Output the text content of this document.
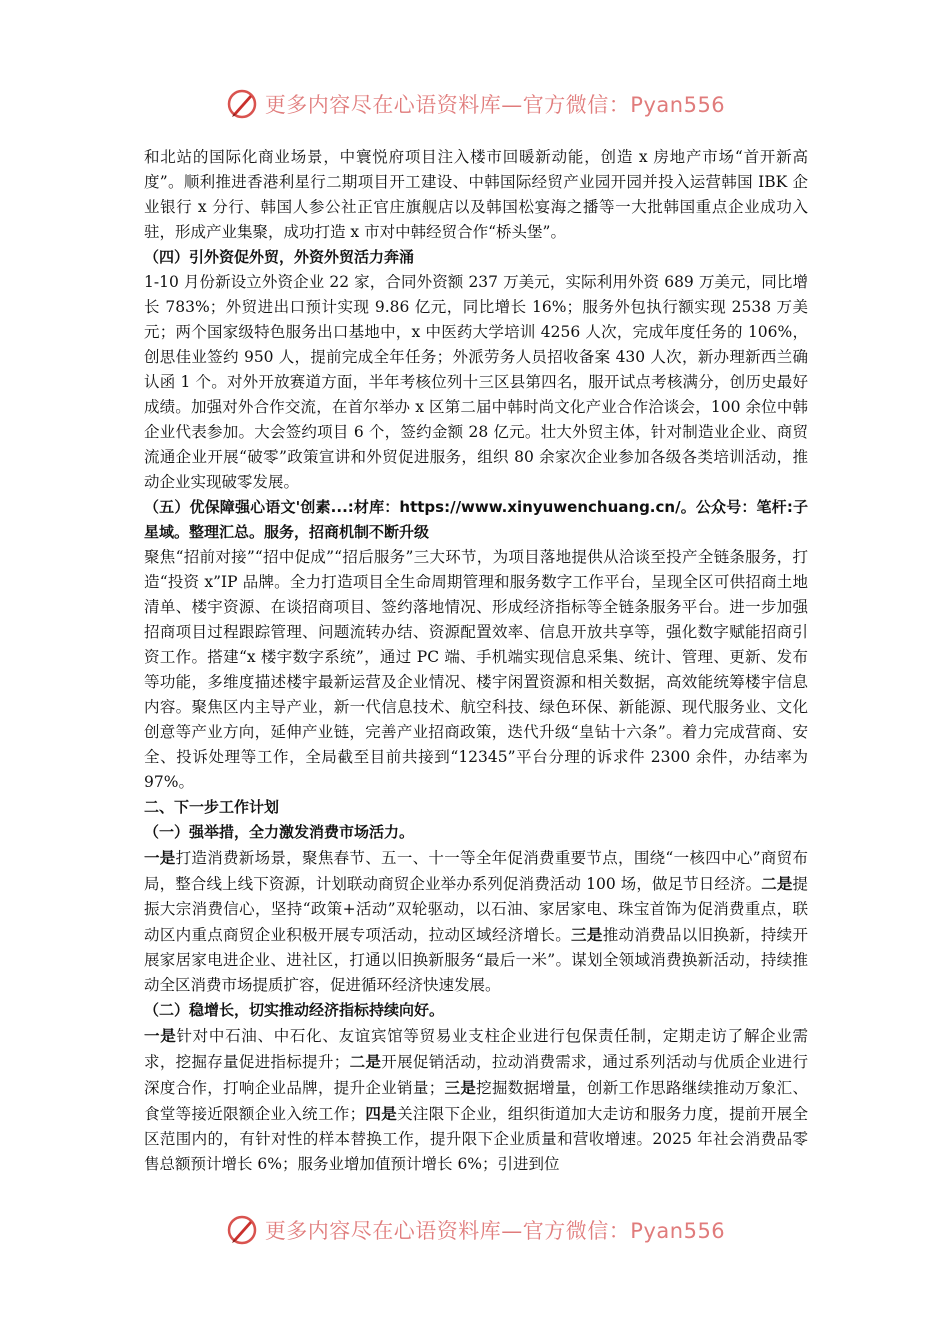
更多内容尽在心语资料库—官方微信：Pyan556

和北站的国际化商业场景，中寰悦府项目注入楼市回暖新动能，创造 x 房地产市场“首开新高度”。顺利推进香港利星行二期项目开工建设、中韩国际经贸产业园开园并投入运营韩国 IBK 企业银行 x 分行、韩国人参公社正官庄旗舰店以及韩国松宴海之播等一大批韩国重点企业成功入驻，形成产业集聚，成功打造 x 市对中韩经贸合作“桥头堡”。

（四）引外资促外贸，外资外贸活力奔涌

1-10 月份新设立外资企业 22 家，合同外资额 237 万美元，实际利用外资 689 万美元，同比增长 783%；外贸进出口预计实现 9.86 亿元，同比增长 16%；服务外包执行额实现 2538 万美元；两个国家级特色服务出口基地中，x 中医药大学培训 4256 人次，完成年度任务的 106%，创思佳业签约 950 人，提前完成全年任务；外派劳务人员招收备案 430 人次，新办理新西兰确认函 1 个。对外开放赛道方面，半年考核位列十三区县第四名，服开试点考核满分，创历史最好成绩。加强对外合作交流，在首尔举办 x 区第二届中韩时尚文化产业合作洽谈会，100 余位中韩企业代表参加。大会签约项目 6 个，签约金额 28 亿元。壮大外贸主体，针对制造业企业、商贸流通企业开展“破零”政策宣讲和外贸促进服务，组织 80 余家次企业参加各级各类培训活动，推动企业实现破零发展。

（五）优保障强心语文'创素...:材库：https://www.xinyuwenchuang.cn/。公众号：笔杆:子星域。整理汇总。服务，招商机制不断升级

聚焦“招前对接”“招中促成”“招后服务”三大环节，为项目落地提供从洽谈至投产全链条服务，打造“投资 x”IP 品牌。全力打造项目全生命周期管理和服务数字工作平台，呈现全区可供招商土地清单、楼宇资源、在谈招商项目、签约落地情况、形成经济指标等全链条服务平台。进一步加强招商项目过程跟踪管理、问题流转办结、资源配置效率、信息开放共享等，强化数字赋能招商引资工作。搭建“x 楼宇数字系统”，通过 PC 端、手机端实现信息采集、统计、管理、更新、发布等功能，多维度描述楼宇最新运营及企业情况、楼宇闲置资源和相关数据，高效能统筹楼宇信息内容。聚焦区内主导产业，新一代信息技术、航空科技、绿色环保、新能源、现代服务业、文化创意等产业方向，延伸产业链，完善产业招商政策，迭代升级“皇钻十六条”。着力完成营商、安全、投诉处理等工作，全局截至目前共接到“12345”平台分理的诉求件 2300 余件，办结率为 97%。

二、下一步工作计划

（一）强举措，全力激发消费市场活力。

一是打造消费新场景，聚焦春节、五一、十一等全年促消费重要节点，围绕“一核四中心”商贸布局，整合线上线下资源，计划联动商贸企业举办系列促消费活动 100 场，做足节日经济。二是提振大宗消费信心，坚持“政策+活动”双轮驱动，以石油、家居家电、珠宝首饰为促消费重点，联动区内重点商贸企业积极开展专项活动，拉动区域经济增长。三是推动消费品以旧换新，持续开展家居家电进企业、进社区，打通以旧换新服务“最后一米”。谋划全领域消费换新活动，持续推动全区消费市场提质扩容，促进循环经济快速发展。

（二）稳增长，切实推动经济指标持续向好。

一是针对中石油、中石化、友谊宾馆等贸易业支柱企业进行包保责任制，定期走访了解企业需求，挖掘存量促进指标提升；二是开展促销活动，拉动消费需求，通过系列活动与优质企业进行深度合作，打响企业品牌，提升企业销量；三是挖掘数据增量，创新工作思路继续推动万象汇、食堂等接近限额企业入统工作；四是关注限下企业，组织街道加大走访和服务力度，提前开展全区范围内的，有针对性的样本替换工作，提升限下企业质量和营收增速。2025 年社会消费品零售总额预计增长 6%；服务业增加值预计增长 6%；引进到位

更多内容尽在心语资料库—官方微信：Pyan556
